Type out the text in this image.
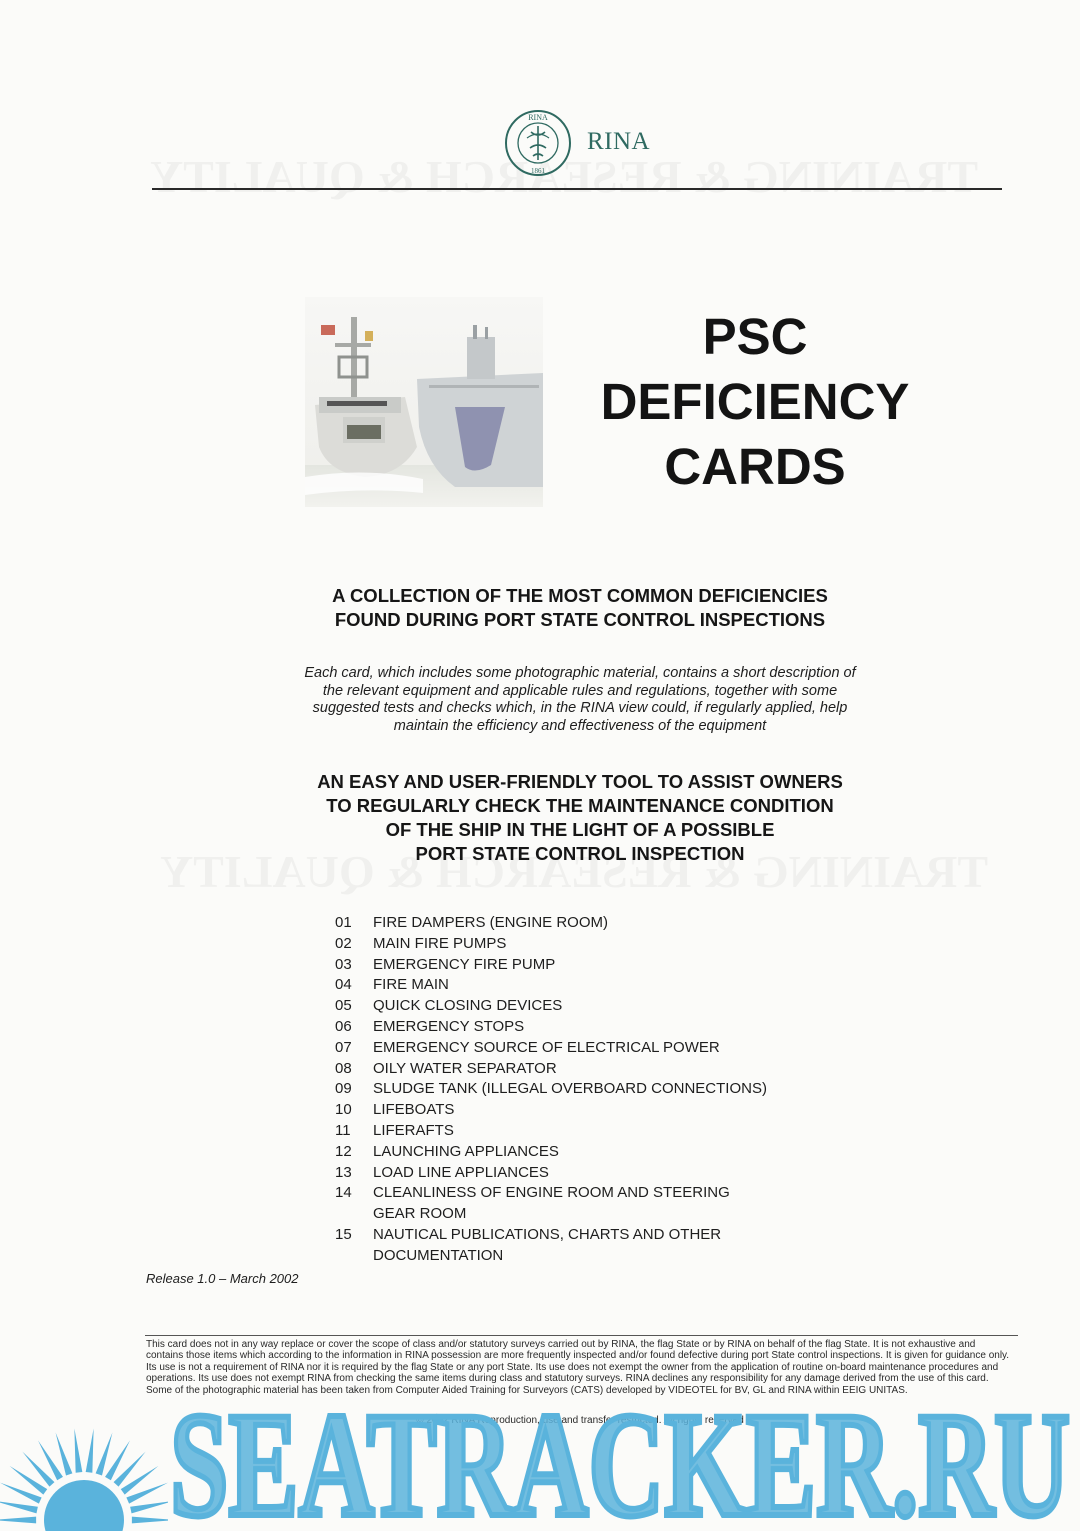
RINA
1861
RINA
PSC
DEFICIENCY
CARDS
A COLLECTION OF THE MOST COMMON DEFICIENCIES
FOUND DURING PORT STATE CONTROL INSPECTIONS
Each card, which includes some photographic material, contains a short description of
the relevant equipment and applicable rules and regulations, together with some
suggested tests and checks which, in the RINA view could, if regularly applied, help
maintain the efficiency and effectiveness of the equipment
AN EASY AND USER-FRIENDLY TOOL TO ASSIST OWNERS
TO REGULARLY CHECK THE MAINTENANCE CONDITION
OF THE SHIP IN THE LIGHT OF A POSSIBLE
PORT STATE CONTROL INSPECTION
01	FIRE DAMPERS (ENGINE ROOM)
02	MAIN FIRE PUMPS
03	EMERGENCY FIRE PUMP
04	FIRE MAIN
05	QUICK CLOSING DEVICES
06	EMERGENCY STOPS
07	EMERGENCY SOURCE OF ELECTRICAL POWER
08	OILY WATER SEPARATOR
09	SLUDGE TANK (ILLEGAL OVERBOARD CONNECTIONS)
10	LIFEBOATS
11	LIFERAFTS
12	LAUNCHING APPLIANCES
13	LOAD LINE APPLIANCES
14	CLEANLINESS OF ENGINE ROOM AND STEERING
GEAR ROOM
15	NAUTICAL PUBLICATIONS, CHARTS AND OTHER
DOCUMENTATION
Release 1.0 – March 2002
This card does not in any way replace or cover the scope of class and/or statutory surveys carried out by RINA, the flag State or by RINA on behalf of the flag State. It is not exhaustive and contains those items which according to the information in RINA possession are more frequently inspected and/or found defective during port State control inspections. It is given for guidance only. Its use is not a requirement of RINA nor it is required by the flag State or any port State. Its use does not exempt the owner from the application of routine on-board maintenance procedures and operations. Its use does not exempt RINA from checking the same items during class and statutory surveys. RINA declines any responsibility for any damage derived from the use of this card. Some of the photographic material has been taken from Computer Aided Training for Surveyors (CATS) developed by VIDEOTEL for BV, GL and RINA within EEIG UNITAS.
© 2002 RINA Reproduction, use and transfer restricted. All rights reserved
SEATRACKER.RU
